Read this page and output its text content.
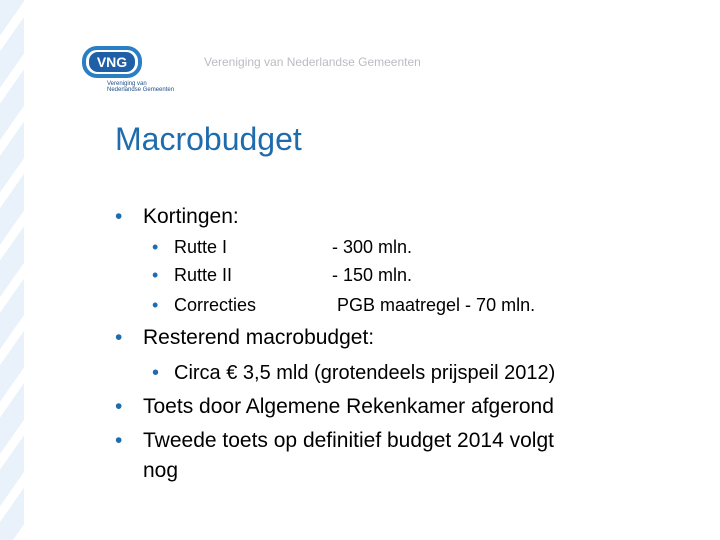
VNG
Vereniging van
Nederlandse Gemeenten
Vereniging van Nederlandse Gemeenten
Macrobudget
• Kortingen:
• Rutte I	- 300 mln.
• Rutte II	- 150 mln.
• Correcties	PGB maatregel - 70 mln.
• Resterend macrobudget:
• Circa € 3,5 mld (grotendeels prijspeil 2012)
• Toets door Algemene Rekenkamer afgerond
• Tweede toets op definitief budget 2014 volgt
nog
